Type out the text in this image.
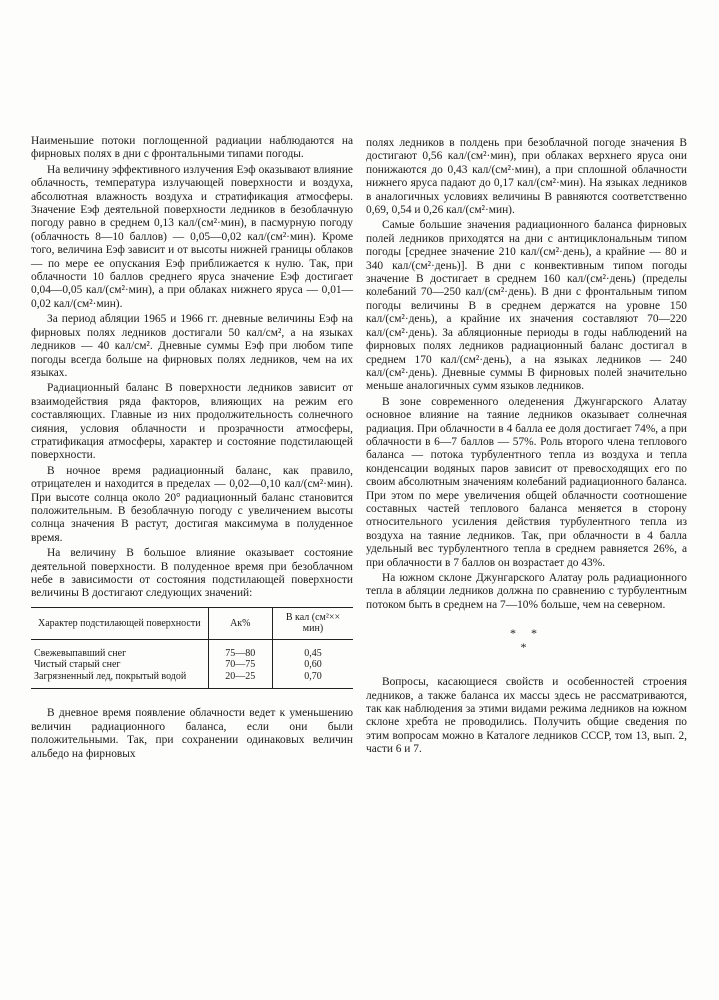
Наименьшие потоки поглощенной радиации наблюдаются на фирновых полях в дни с фронтальными типами погоды.

На величину эффективного излучения Eэф оказывают влияние облачность, температура излучающей поверхности и воздуха, абсолютная влажность воздуха и стратификация атмосферы. Значение Eэф деятельной поверхности ледников в безоблачную погоду равно в среднем 0,13 кал/(см²·мин), в пасмурную погоду (облачность 8—10 баллов) — 0,05—0,02 кал/(см²·мин). Кроме того, величина Eэф зависит и от высоты нижней границы облаков — по мере ее опускания Eэф приближается к нулю. Так, при облачности 10 баллов среднего яруса значение Eэф достигает 0,04—0,05 кал/(см²·мин), а при облаках нижнего яруса — 0,01—0,02 кал/(см²·мин).

За период абляции 1965 и 1966 гг. дневные величины Eэф на фирновых полях ледников достигали 50 кал/см², а на языках ледников — 40 кал/см². Дневные суммы Eэф при любом типе погоды всегда больше на фирновых полях ледников, чем на их языках.

Радиационный баланс B поверхности ледников зависит от взаимодействия ряда факторов, влияющих на режим его составляющих. Главные из них продолжительность солнечного сияния, условия облачности и прозрачности атмосферы, стратификация атмосферы, характер и состояние подстилающей поверхности.

В ночное время радиационный баланс, как правило, отрицателен и находится в пределах — 0,02—0,10 кал/(см²·мин). При высоте солнца около 20° радиационный баланс становится положительным. В безоблачную погоду с увеличением высоты солнца значения B растут, достигая максимума в полуденное время.

На величину B большое влияние оказывает состояние деятельной поверхности. В полуденное время при безоблачном небе в зависимости от состояния подстилающей поверхности величины B достигают следующих значений:

Характер подстилающей поверхности	Aк%	B кал (см²×× мин)
Свежевыпавший снег	75—80	0,45
Чистый старый снег	70—75	0,60
Загрязненный лед, покрытый водой	20—25	0,70

В дневное время появление облачности ведет к уменьшению величин радиационного баланса, если они были положительными. Так, при сохранении одинаковых величин альбедо на фирновых

полях ледников в полдень при безоблачной погоде значения B достигают 0,56 кал/(см²·мин), при облаках верхнего яруса они понижаются до 0,43 кал/(см²·мин), а при сплошной облачности нижнего яруса падают до 0,17 кал/(см²·мин). На языках ледников в аналогичных условиях величины B равняются соответственно 0,69, 0,54 и 0,26 кал/(см²·мин).

Самые большие значения радиационного баланса фирновых полей ледников приходятся на дни с антициклональным типом погоды [среднее значение 210 кал/(см²·день), а крайние — 80 и 340 кал/(см²·день)]. В дни с конвективным типом погоды значение B достигает в среднем 160 кал/(см²·день) (пределы колебаний 70—250 кал/(см²·день). В дни с фронтальным типом погоды величины B в среднем держатся на уровне 150 кал/(см²·день), а крайние их значения составляют 70—220 кал/(см²·день). За абляционные периоды в годы наблюдений на фирновых полях ледников радиационный баланс достигал в среднем 170 кал/(см²·день), а на языках ледников — 240 кал/(см²·день). Дневные суммы B фирновых полей значительно меньше аналогичных сумм языков ледников.

В зоне современного оледенения Джунгарского Алатау основное влияние на таяние ледников оказывает солнечная радиация. При облачности в 4 балла ее доля достигает 74%, а при облачности в 6—7 баллов — 57%. Роль второго члена теплового баланса — потока турбулентного тепла из воздуха и тепла конденсации водяных паров зависит от превосходящих его по своим абсолютным значениям колебаний радиационного баланса. При этом по мере увеличения общей облачности соотношение составных частей теплового баланса меняется в сторону относительного усиления действия турбулентного тепла из воздуха на таяние ледников. Так, при облачности в 4 балла удельный вес турбулентного тепла в среднем равняется 26%, а при облачности в 7 баллов он возрастает до 43%.

На южном склоне Джунгарского Алатау роль радиационного тепла в абляции ледников должна по сравнению с турбулентным потоком быть в среднем на 7—10% больше, чем на северном.

* *
*

Вопросы, касающиеся свойств и особенностей строения ледников, а также баланса их массы здесь не рассматриваются, так как наблюдения за этими видами режима ледников на южном склоне хребта не проводились. Получить общие сведения по этим вопросам можно в Каталоге ледников СССР, том 13, вып. 2, части 6 и 7.
